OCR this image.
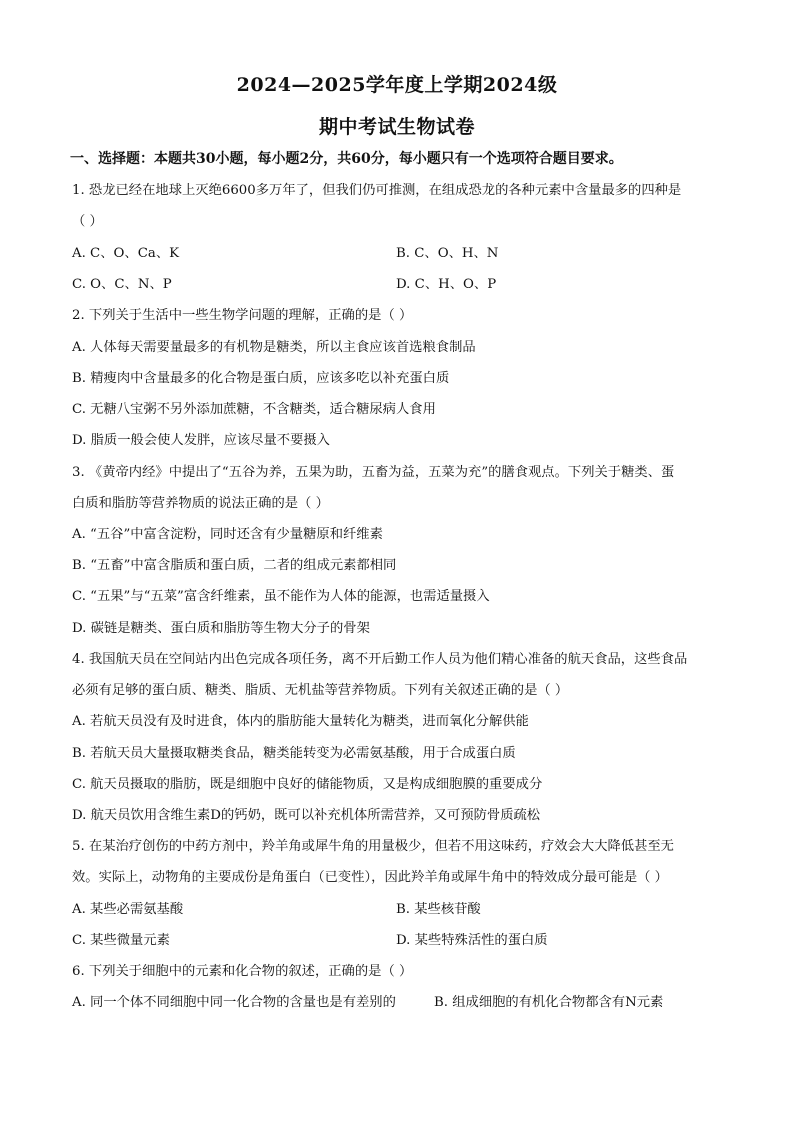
2024—2025学年度上学期2024级
期中考试生物试卷
一、选择题：本题共30小题，每小题2分，共60分，每小题只有一个选项符合题目要求。
1. 恐龙已经在地球上灭绝6600多万年了，但我们仍可推测，在组成恐龙的各种元素中含量最多的四种是
（ ）
A. C、O、Ca、K	B. C、O、H、N
C. O、C、N、P	D. C、H、O、P
2. 下列关于生活中一些生物学问题的理解，正确的是（ ）
A. 人体每天需要量最多的有机物是糖类，所以主食应该首选粮食制品
B. 精瘦肉中含量最多的化合物是蛋白质，应该多吃以补充蛋白质
C. 无糖八宝粥不另外添加蔗糖，不含糖类，适合糖尿病人食用
D. 脂质一般会使人发胖，应该尽量不要摄入
3. 《黄帝内经》中提出了“五谷为养，五果为助，五畜为益，五菜为充”的膳食观点。下列关于糖类、蛋
白质和脂肪等营养物质的说法正确的是（ ）
A. “五谷”中富含淀粉，同时还含有少量糖原和纤维素
B. “五畜”中富含脂质和蛋白质，二者的组成元素都相同
C. “五果”与“五菜”富含纤维素，虽不能作为人体的能源，也需适量摄入
D. 碳链是糖类、蛋白质和脂肪等生物大分子的骨架
4. 我国航天员在空间站内出色完成各项任务，离不开后勤工作人员为他们精心准备的航天食品，这些食品
必须有足够的蛋白质、糖类、脂质、无机盐等营养物质。下列有关叙述正确的是（ ）
A. 若航天员没有及时进食，体内的脂肪能大量转化为糖类，进而氧化分解供能
B. 若航天员大量摄取糖类食品，糖类能转变为必需氨基酸，用于合成蛋白质
C. 航天员摄取的脂肪，既是细胞中良好的储能物质，又是构成细胞膜的重要成分
D. 航天员饮用含维生素D的钙奶，既可以补充机体所需营养，又可预防骨质疏松
5. 在某治疗创伤的中药方剂中，羚羊角或犀牛角的用量极少，但若不用这味药，疗效会大大降低甚至无
效。实际上，动物角的主要成份是角蛋白（已变性），因此羚羊角或犀牛角中的特效成分最可能是（ ）
A. 某些必需氨基酸	B. 某些核苷酸
C. 某些微量元素	D. 某些特殊活性的蛋白质
6. 下列关于细胞中的元素和化合物的叙述，正确的是（ ）
A. 同一个体不同细胞中同一化合物的含量也是有差别的	B. 组成细胞的有机化合物都含有N元素
